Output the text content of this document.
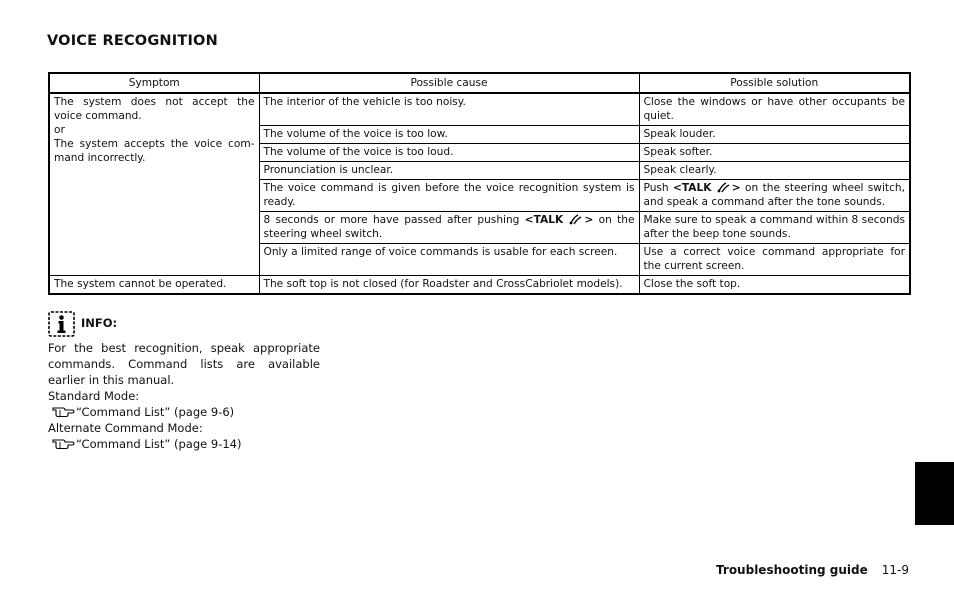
VOICE RECOGNITION
Symptom	Possible cause	Possible solution

The system does not accept the voice command.
or
The system accepts the voice com-mand incorrectly.	The interior of the vehicle is too noisy.	Close the windows or have other occupants be quiet.
	The volume of the voice is too low.	Speak louder.
	The volume of the voice is too loud.	Speak softer.
	Pronunciation is unclear.	Speak clearly.
	The voice command is given before the voice recognition system is ready.	Push <TALK > on the steering wheel switch, and speak a command after the tone sounds.
	8 seconds or more have passed after pushing <TALK > on the steering wheel switch.	Make sure to speak a command within 8 seconds after the beep tone sounds.
	Only a limited range of voice commands is usable for each screen.	Use a correct voice command appropriate for the current screen.
The system cannot be operated.	The soft top is not closed (for Roadster and CrossCabriolet models).	Close the soft top.
INFO:
For the best recognition, speak appropriate commands. Command lists are available earlier in this manual.
Standard Mode:
“Command List” (page 9-6)
Alternate Command Mode:
“Command List” (page 9-14)
Troubleshooting guide 11-9
